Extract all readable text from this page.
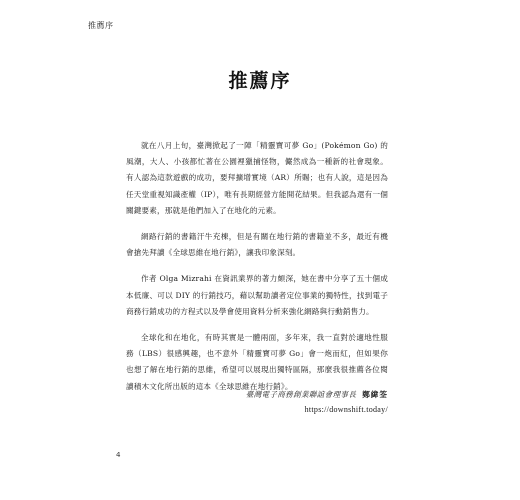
推薦序
推薦序

就在八月上旬，臺灣掀起了一陣「精靈寶可夢 Go」(Pokémon Go) 的風潮，大人、小孩都忙著在公園裡獵捕怪物，儼然成為一種新的社會現象。有人認為這款遊戲的成功，要拜擴增實境（AR）所賜；也有人說，這是因為任天堂重視知識產權（IP），唯有長期經營方能開花結果。但我認為還有一個關鍵要素，那就是他們加入了在地化的元素。

網路行銷的書籍汗牛充棟，但是有關在地行銷的書籍並不多，最近有機會搶先拜讀《全球思維在地行銷》，讓我印象深刻。

作者 Olga Mizrahi 在資訊業界的著力頗深，她在書中分享了五十個成本低廉、可以 DIY 的行銷技巧，藉以幫助讀者定位事業的獨特性，找到電子商務行銷成功的方程式以及學會使用資料分析來強化網路與行動銷售力。

全球化和在地化，有時其實是一體兩面，多年來，我一直對於適地性服務（LBS）很感興趣，也不意外「精靈寶可夢 Go」會一炮而紅，但如果你也想了解在地行銷的思維，希望可以展現出獨特區隔，那麼我很推薦各位閱讀積木文化所出版的這本《全球思維在地行銷》。

臺灣電子商務創業聯誼會理事長 鄭緯筌
https://downshift.today/
4
